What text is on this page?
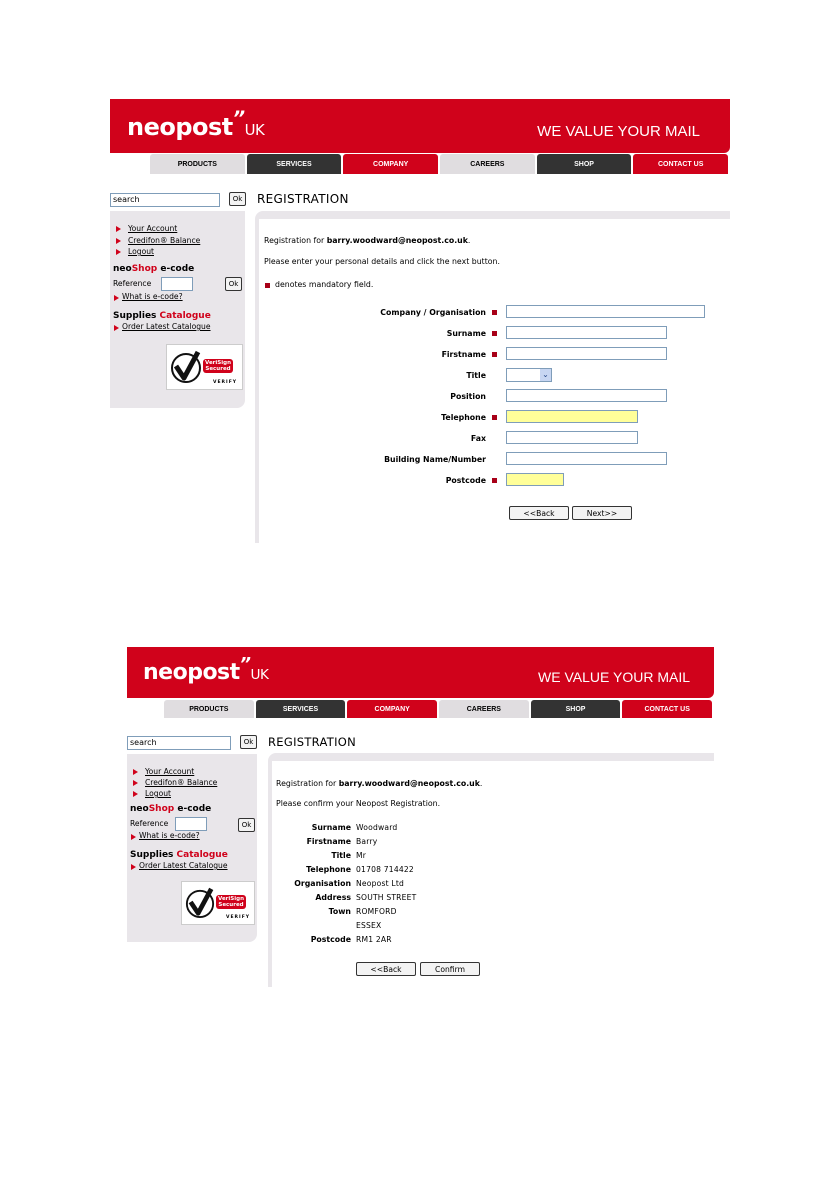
neopost”UK	WE VALUE YOUR MAIL
PRODUCTS	SERVICES	COMPANY	CAREERS	SHOP	CONTACT US
search	Ok
Your Account
Credifon® Balance
Logout
neoShop e-code
Reference	Ok
What is e-code?
Supplies Catalogue
Order Latest Catalogue
VeriSign
Secured
VERIFY
REGISTRATION
Registration for barry.woodward@neopost.co.uk.
Please enter your personal details and click the next button.
denotes mandatory field.
Company / Organisation
Surname
Firstname
Title	⌄
Position
Telephone
Fax
Building Name/Number
Postcode
<<Back	Next>>
neopost”UK	WE VALUE YOUR MAIL
PRODUCTS	SERVICES	COMPANY	CAREERS	SHOP	CONTACT US
search	Ok
Your Account
Credifon® Balance
Logout
neoShop e-code
Reference	Ok
What is e-code?
Supplies Catalogue
Order Latest Catalogue
VeriSign
Secured
VERIFY
REGISTRATION
Registration for barry.woodward@neopost.co.uk.
Please confirm your Neopost Registration.
Surname Woodward
Firstname Barry
Title Mr
Telephone 01708 714422
Organisation Neopost Ltd
Address SOUTH STREET
Town ROMFORD
ESSEX
Postcode RM1 2AR
<<Back	Confirm
